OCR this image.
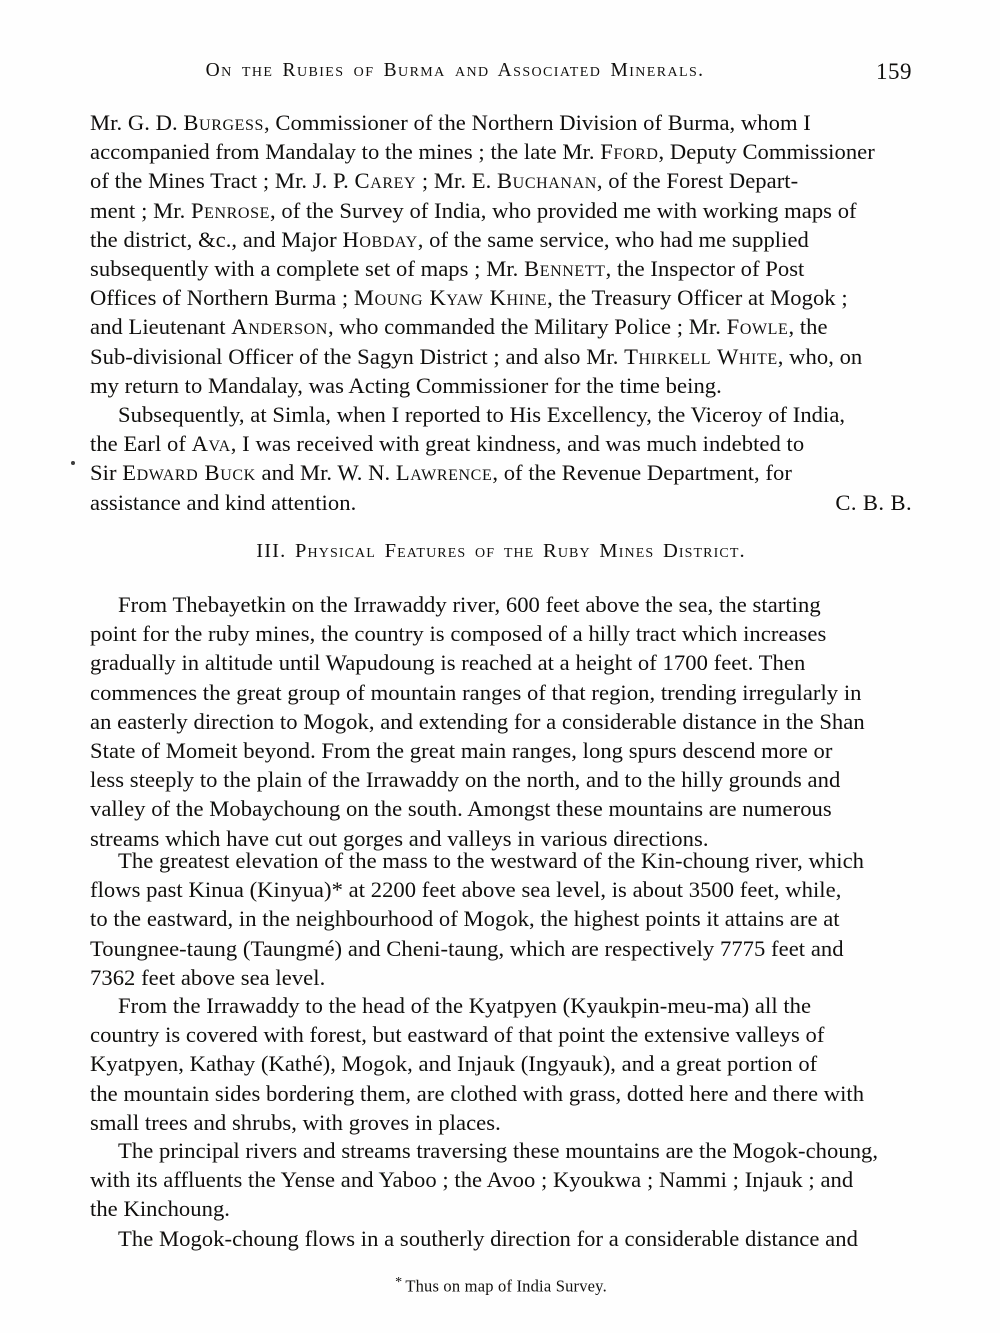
On the Rubies of Burma and Associated Minerals.	159
Mr. G. D. Burgess, Commissioner of the Northern Division of Burma, whom I
accompanied from Mandalay to the mines ; the late Mr. Fford, Deputy Commissioner
of the Mines Tract ; Mr. J. P. Carey ; Mr. E. Buchanan, of the Forest Depart-
ment ; Mr. Penrose, of the Survey of India, who provided me with working maps of
the district, &c., and Major Hobday, of the same service, who had me supplied
subsequently with a complete set of maps ; Mr. Bennett, the Inspector of Post
Offices of Northern Burma ; Moung Kyaw Khine, the Treasury Officer at Mogok ;
and Lieutenant Anderson, who commanded the Military Police ; Mr. Fowle, the
Sub-divisional Officer of the Sagyn District ; and also Mr. Thirkell White, who, on
my return to Mandalay, was Acting Commissioner for the time being.
Subsequently, at Simla, when I reported to His Excellency, the Viceroy of India,
the Earl of Ava, I was received with great kindness, and was much indebted to
Sir Edward Buck and Mr. W. N. Lawrence, of the Revenue Department, for
assistance and kind attention.	C. B. B.
III. Physical Features of the Ruby Mines District.
From Thebayetkin on the Irrawaddy river, 600 feet above the sea, the starting
point for the ruby mines, the country is composed of a hilly tract which increases
gradually in altitude until Wapudoung is reached at a height of 1700 feet. Then
commences the great group of mountain ranges of that region, trending irregularly in
an easterly direction to Mogok, and extending for a considerable distance in the Shan
State of Momeit beyond. From the great main ranges, long spurs descend more or
less steeply to the plain of the Irrawaddy on the north, and to the hilly grounds and
valley of the Mobaychoung on the south. Amongst these mountains are numerous
streams which have cut out gorges and valleys in various directions.
The greatest elevation of the mass to the westward of the Kin-choung river, which
flows past Kinua (Kinyua)* at 2200 feet above sea level, is about 3500 feet, while,
to the eastward, in the neighbourhood of Mogok, the highest points it attains are at
Toungnee-taung (Taungmé) and Cheni-taung, which are respectively 7775 feet and
7362 feet above sea level.
From the Irrawaddy to the head of the Kyatpyen (Kyaukpin-meu-ma) all the
country is covered with forest, but eastward of that point the extensive valleys of
Kyatpyen, Kathay (Kathé), Mogok, and Injauk (Ingyauk), and a great portion of
the mountain sides bordering them, are clothed with grass, dotted here and there with
small trees and shrubs, with groves in places.
The principal rivers and streams traversing these mountains are the Mogok-choung,
with its affluents the Yense and Yaboo ; the Avoo ; Kyoukwa ; Nammi ; Injauk ; and
the Kinchoung.
The Mogok-choung flows in a southerly direction for a considerable distance and
* Thus on map of India Survey.
